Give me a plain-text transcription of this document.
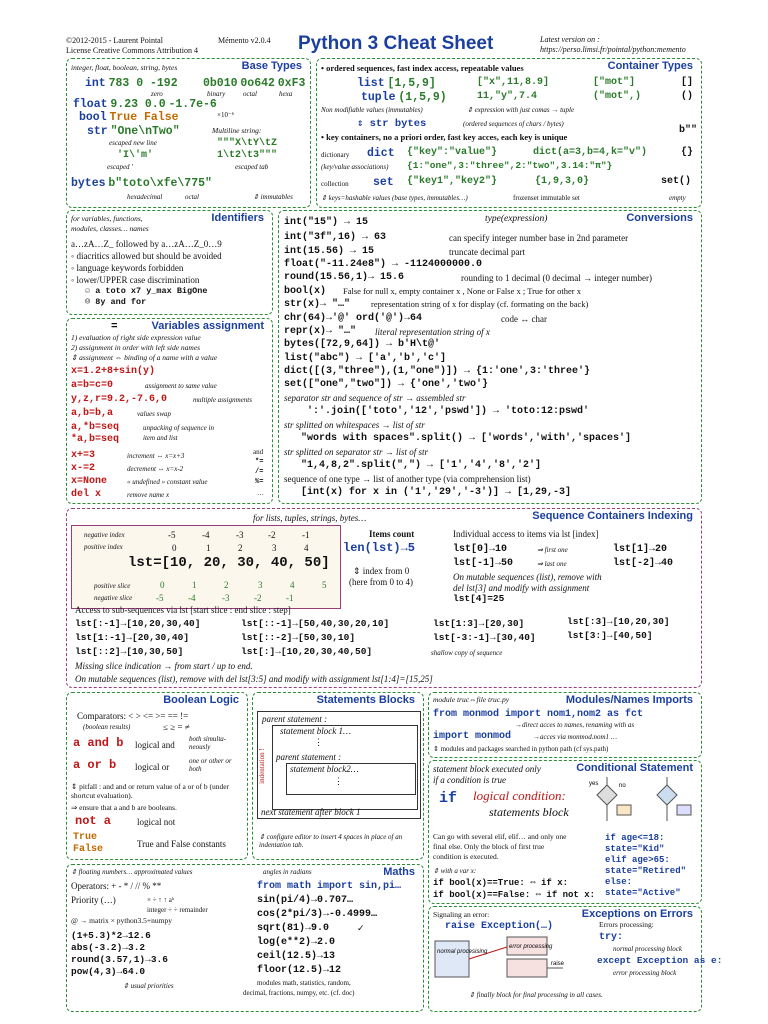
©2012-2015 - Laurent Pointal	Mémento v2.0.4
License Creative Commons Attribution 4	Python 3 Cheat Sheet	Latest version on :
https://perso.limsi.fr/pointal/python:memento
Base Types
integer, float, boolean, string, bytes
int 783 0 -192 0b010 0o642 0xF3
zero	binary	octal	hexa
float 9.23 0.0 -1.7e-6
×10⁻⁶
bool True False
str "One\nTwo"	Multiline string:
escaped new line	"""X\tY\tZ
'I\'m'	1\t2\t3"""
escaped '	escaped tab
bytes b"toto\xfe\775"
hexadecimal	octal	⇕ immutables
Container Types
• ordered sequences, fast index access, repeatable values
list [1,5,9]	["x",11,8.9]	["mot"]	[]
tuple (1,5,9)	11,"y",7.4	("mot",)	()
Non modifiable values (immutables)	⇕ expression with just comas → tuple
⇕ str bytes	(ordered sequences of chars / bytes)
b""
• key containers, no a priori order, fast key acces, each key is unique
dictionary dict {"key":"value"}	dict(a=3,b=4,k="v")	{}
(key/value associations) {1:"one",3:"three",2:"two",3.14:"π"}
collection set {"key1","key2"}	{1,9,3,0}	set()
⇕ keys=hashable values (base types, immutables…)	frozenset immutable set	empty
Identifiers
for variables, functions,
modules, classes… names
a…zA…Z_ followed by a…zA…Z_0…9
◦ diacritics allowed but should be avoided
◦ language keywords forbidden
◦ lower/UPPER case discrimination
☺ a toto x7 y_max BigOne
☹ 8y and for
Variables assignment
=
1) evaluation of right side expression value
2) assignment in order with left side names
⇕ assignment ⇔ binding of a name with a value
x=1.2+8+sin(y)
a=b=c=0	assignment to same value
y,z,r=9.2,-7.6,0	multiple assignments
a,b=b,a	values swap
a,*b=seq
*a,b=seq
unpacking of sequence in
item and list
x+=3	increment ⇔ x=x+3
x-=2	decrement ⇔ x=x-2
x=None	« undefined » constant value
del x	remove name x
and
*=
/=
%=
…
Conversions
type(expression)
int("15") → 15
int("3f",16) → 63	can specify integer number base in 2nd parameter
int(15.56) → 15	truncate decimal part
float("-11.24e8") → -1124000000.0
round(15.56,1)→ 15.6	rounding to 1 decimal (0 decimal → integer number)
bool(x) False for null x, empty container x , None or False x ; True for other x
str(x)→ "…" representation string of x for display (cf. formating on the back)
chr(64)→'@' ord('@')→64	code ↔ char
repr(x)→ "…" literal representation string of x
bytes([72,9,64]) → b'H\t@'
list("abc") → ['a','b','c']
dict([(3,"three"),(1,"one")]) → {1:'one',3:'three'}
set(["one","two"]) → {'one','two'}
separator str and sequence of str → assembled str
':'.join(['toto','12','pswd']) → 'toto:12:pswd'
str splitted on whitespaces → list of str
"words with spaces".split() → ['words','with','spaces']
str splitted on separator str → list of str
"1,4,8,2".split(",") → ['1','4','8','2']
sequence of one type → list of another type (via comprehension list)
[int(x) for x in ('1','29','-3')] → [1,29,-3]
Sequence Containers Indexing
for lists, tuples, strings, bytes…
negative index
positive index
-5	-4	-3	-2	-1
0	1	2	3	4
lst=[10, 20, 30, 40, 50]
positive slice
negative slice
0	1	2	3	4	5
-5	-4	-3	-2	-1
Items count
len(lst)→5
⇕ index from 0
(here from 0 to 4)
Individual access to items via lst [index]
lst[0]→10	⇒ first one	lst[1]→20
lst[-1]→50	⇒ last one	lst[-2]→40
On mutable sequences (list), remove with
del lst[3] and modify with assignment
lst[4]=25
Access to sub-sequences via lst [start slice : end slice : step]
lst[:-1]→[10,20,30,40]	lst[::-1]→[50,40,30,20,10]	lst[1:3]→[20,30]	lst[:3]→[10,20,30]
lst[1:-1]→[20,30,40]	lst[::-2]→[50,30,10]	lst[-3:-1]→[30,40]	lst[3:]→[40,50]
lst[::2]→[10,30,50]	lst[:]→[10,20,30,40,50]	shallow copy of sequence
Missing slice indication → from start / up to end.
On mutable sequences (list), remove with del lst[3:5] and modify with assignment lst[1:4]=[15,25]
Boolean Logic
Comparators: < > <= >= == !=
(boolean results)	≤ ≥ = ≠
a and b logical and
both simulta-neously
a or b logical or
one or other or both
⇕ pitfall : and and or return value of a or of b (under shortcut evaluation).
⇒ ensure that a and b are booleans.
not a	logical not
True
False	True and False constants
Statements Blocks
parent statement :
statement block 1…
⋮
parent statement :
statement block2…
⋮
indentation !
next statement after block 1
⇕ configure editor to insert 4 spaces in place of an indentation tab.
Modules/Names Imports
module truc⇔file truc.py
from monmod import nom1,nom2 as fct
→direct acces to names, renaming with as
import monmod	→acces via monmod.nom1 …
⇕ modules and packages searched in python path (cf sys.path)
Conditional Statement
statement block executed only
if a condition is true
if logical condition:
statements block
yes	no
Can go with several elif, elif… and only one
final else. Only the block of first true
condition is executed.
if age<=18:
state="Kid"
elif age>65:
state="Retired"
else:
state="Active"
⇕ with a var x:
if bool(x)==True: ⇔ if x:
if bool(x)==False: ⇔ if not x:
Maths
⇕ floating numbers… approximated values	angles in radians
Operators: + - * / // % **
Priority (…)	× ÷ ↑ ↑ aᵇ
integer ÷ ÷ remainder
@ → matrix × python3.5+numpy
(1+5.3)*2→12.6
abs(-3.2)→3.2
round(3.57,1)→3.6
pow(4,3)→64.0
⇕ usual priorities
from math import sin,pi…
sin(pi/4)→0.707…
cos(2*pi/3)→-0.4999…
sqrt(81)→9.0	✓
log(e**2)→2.0
ceil(12.5)→13
floor(12.5)→12
modules math, statistics, random,
decimal, fractions, numpy, etc. (cf. doc)
Exceptions on Errors
Signaling an error:
raise Exception(…)	Errors processing:
try:
normal processing block
except Exception as e:
error processing block
normal procesising
error processing
raise
⇕ finally block for final processing in all cases.
